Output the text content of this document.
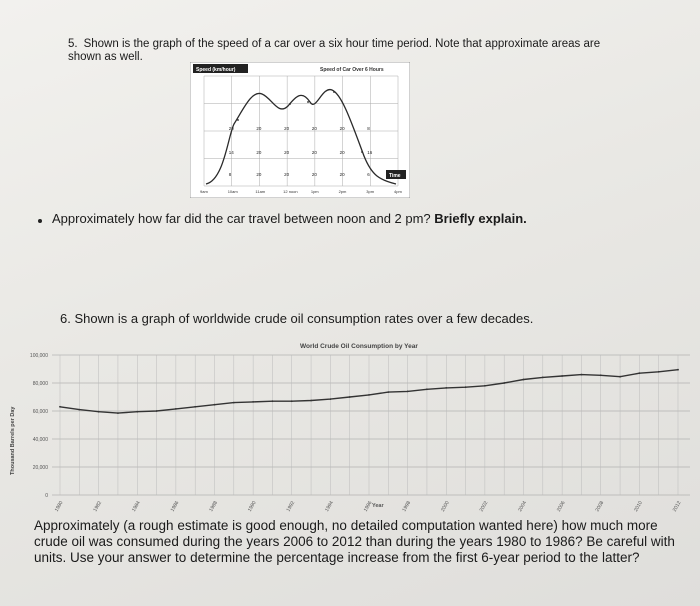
5. Shown is the graph of the speed of a car over a six hour time period. Note that approximate areas are shown as well.
9am	10am	11am	12 noon	1pm	2pm	3pm	4pm
14	20	20	20	20	16
20	20	20	20	20	8
8	20	20	20	20	6
Speed (km/hour)	Speed of Car Over 6 Hours
Time
Approximately how far did the car travel between noon and 2 pm? Briefly explain.
6. Shown is a graph of worldwide crude oil consumption rates over a few decades.
World Crude Oil Consumption by Year
Thousand Barrels per Day
0
20,000
40,000
60,000
80,000
100,000
1980	1982	1984	1986	1988	1990	1992	1994	1996	1998	2000	2002	2004	2006	2008	2010	2012
Year
Approximately (a rough estimate is good enough, no detailed computation wanted here) how much more crude oil was consumed during the years 2006 to 2012 than during the years 1980 to 1986? Be careful with units. Use your answer to determine the percentage increase from the first 6-year period to the latter?
